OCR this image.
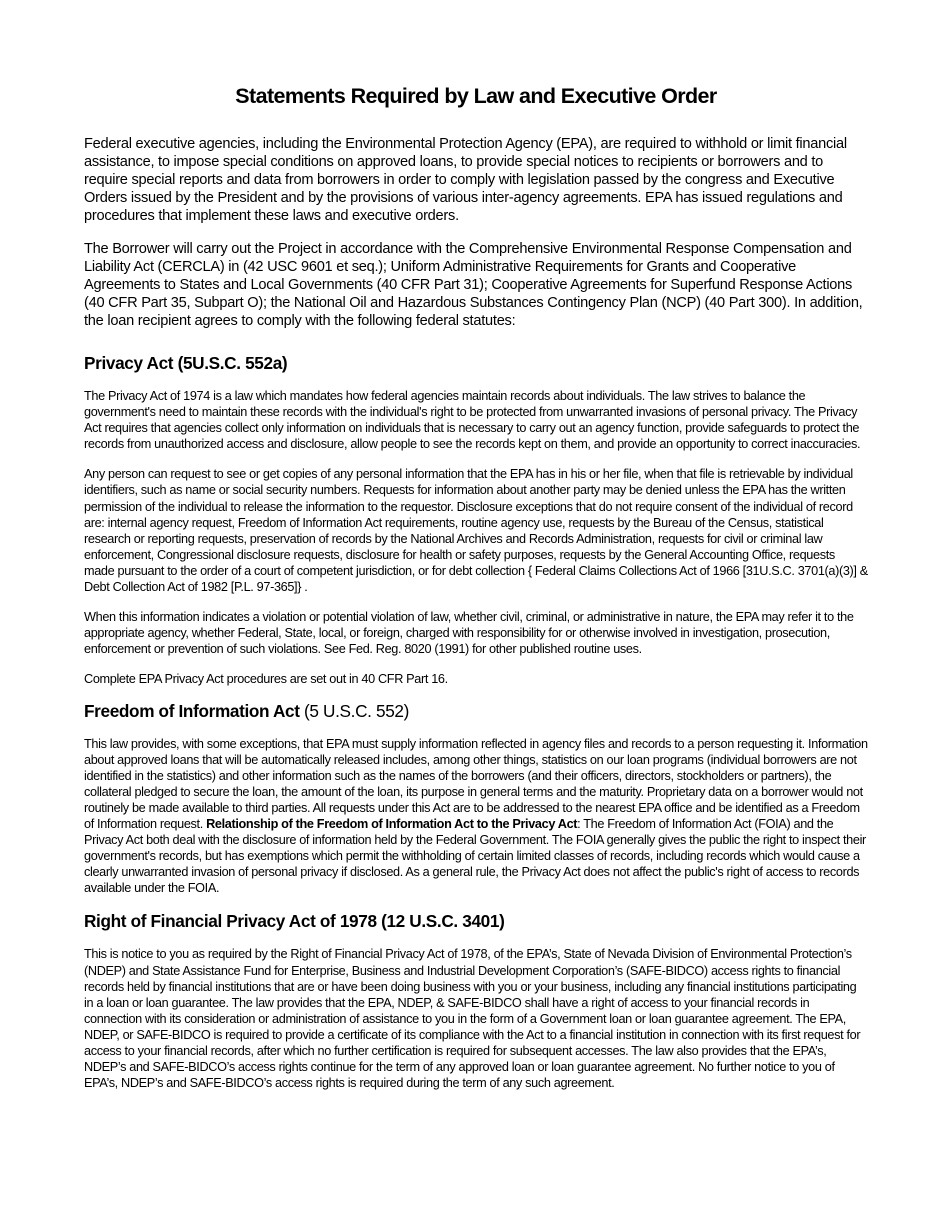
Statements Required by Law and Executive Order

Federal executive agencies, including the Environmental Protection Agency (EPA), are required to withhold or limit financial assistance, to impose special conditions on approved loans, to provide special notices to recipients or borrowers and to require special reports and data from borrowers in order to comply with legislation passed by the congress and Executive Orders issued by the President and by the provisions of various inter-agency agreements. EPA has issued regulations and procedures that implement these laws and executive orders.

The Borrower will carry out the Project in accordance with the Comprehensive Environmental Response Compensation and Liability Act (CERCLA) in (42 USC 9601 et seq.); Uniform Administrative Requirements for Grants and Cooperative Agreements to States and Local Governments (40 CFR Part 31); Cooperative Agreements for Superfund Response Actions (40 CFR Part 35, Subpart O); the National Oil and Hazardous Substances Contingency Plan (NCP) (40 Part 300). In addition, the loan recipient agrees to comply with the following federal statutes:

Privacy Act (5U.S.C. 552a)

The Privacy Act of 1974 is a law which mandates how federal agencies maintain records about individuals. The law strives to balance the government's need to maintain these records with the individual's right to be protected from unwarranted invasions of personal privacy. The Privacy Act requires that agencies collect only information on individuals that is necessary to carry out an agency function, provide safeguards to protect the records from unauthorized access and disclosure, allow people to see the records kept on them, and provide an opportunity to correct inaccuracies.

Any person can request to see or get copies of any personal information that the EPA has in his or her file, when that file is retrievable by individual identifiers, such as name or social security numbers. Requests for information about another party may be denied unless the EPA has the written permission of the individual to release the information to the requestor. Disclosure exceptions that do not require consent of the individual of record are: internal agency request, Freedom of Information Act requirements, routine agency use, requests by the Bureau of the Census, statistical research or reporting requests, preservation of records by the National Archives and Records Administration, requests for civil or criminal law enforcement, Congressional disclosure requests, disclosure for health or safety purposes, requests by the General Accounting Office, requests made pursuant to the order of a court of competent jurisdiction, or for debt collection { Federal Claims Collections Act of 1966 [31U.S.C. 3701(a)(3)] & Debt Collection Act of 1982 [P.L. 97-365]} .

When this information indicates a violation or potential violation of law, whether civil, criminal, or administrative in nature, the EPA may refer it to the appropriate agency, whether Federal, State, local, or foreign, charged with responsibility for or otherwise involved in investigation, prosecution, enforcement or prevention of such violations. See Fed. Reg. 8020 (1991) for other published routine uses.

Complete EPA Privacy Act procedures are set out in 40 CFR Part 16.

Freedom of Information Act (5 U.S.C. 552)

This law provides, with some exceptions, that EPA must supply information reflected in agency files and records to a person requesting it. Information about approved loans that will be automatically released includes, among other things, statistics on our loan programs (individual borrowers are not identified in the statistics) and other information such as the names of the borrowers (and their officers, directors, stockholders or partners), the collateral pledged to secure the loan, the amount of the loan, its purpose in general terms and the maturity. Proprietary data on a borrower would not routinely be made available to third parties. All requests under this Act are to be addressed to the nearest EPA office and be identified as a Freedom of Information request. Relationship of the Freedom of Information Act to the Privacy Act: The Freedom of Information Act (FOIA) and the Privacy Act both deal with the disclosure of information held by the Federal Government. The FOIA generally gives the public the right to inspect their government's records, but has exemptions which permit the withholding of certain limited classes of records, including records which would cause a clearly unwarranted invasion of personal privacy if disclosed. As a general rule, the Privacy Act does not affect the public's right of access to records available under the FOIA.

Right of Financial Privacy Act of 1978 (12 U.S.C. 3401)

This is notice to you as required by the Right of Financial Privacy Act of 1978, of the EPA’s, State of Nevada Division of Environmental Protection’s (NDEP) and State Assistance Fund for Enterprise, Business and Industrial Development Corporation’s (SAFE-BIDCO) access rights to financial records held by financial institutions that are or have been doing business with you or your business, including any financial institutions participating in a loan or loan guarantee. The law provides that the EPA, NDEP, & SAFE-BIDCO shall have a right of access to your financial records in connection with its consideration or administration of assistance to you in the form of a Government loan or loan guarantee agreement. The EPA, NDEP, or SAFE-BIDCO is required to provide a certificate of its compliance with the Act to a financial institution in connection with its first request for access to your financial records, after which no further certification is required for subsequent accesses. The law also provides that the EPA’s, NDEP’s and SAFE-BIDCO’s access rights continue for the term of any approved loan or loan guarantee agreement. No further notice to you of EPA’s, NDEP’s and SAFE-BIDCO’s access rights is required during the term of any such agreement.
